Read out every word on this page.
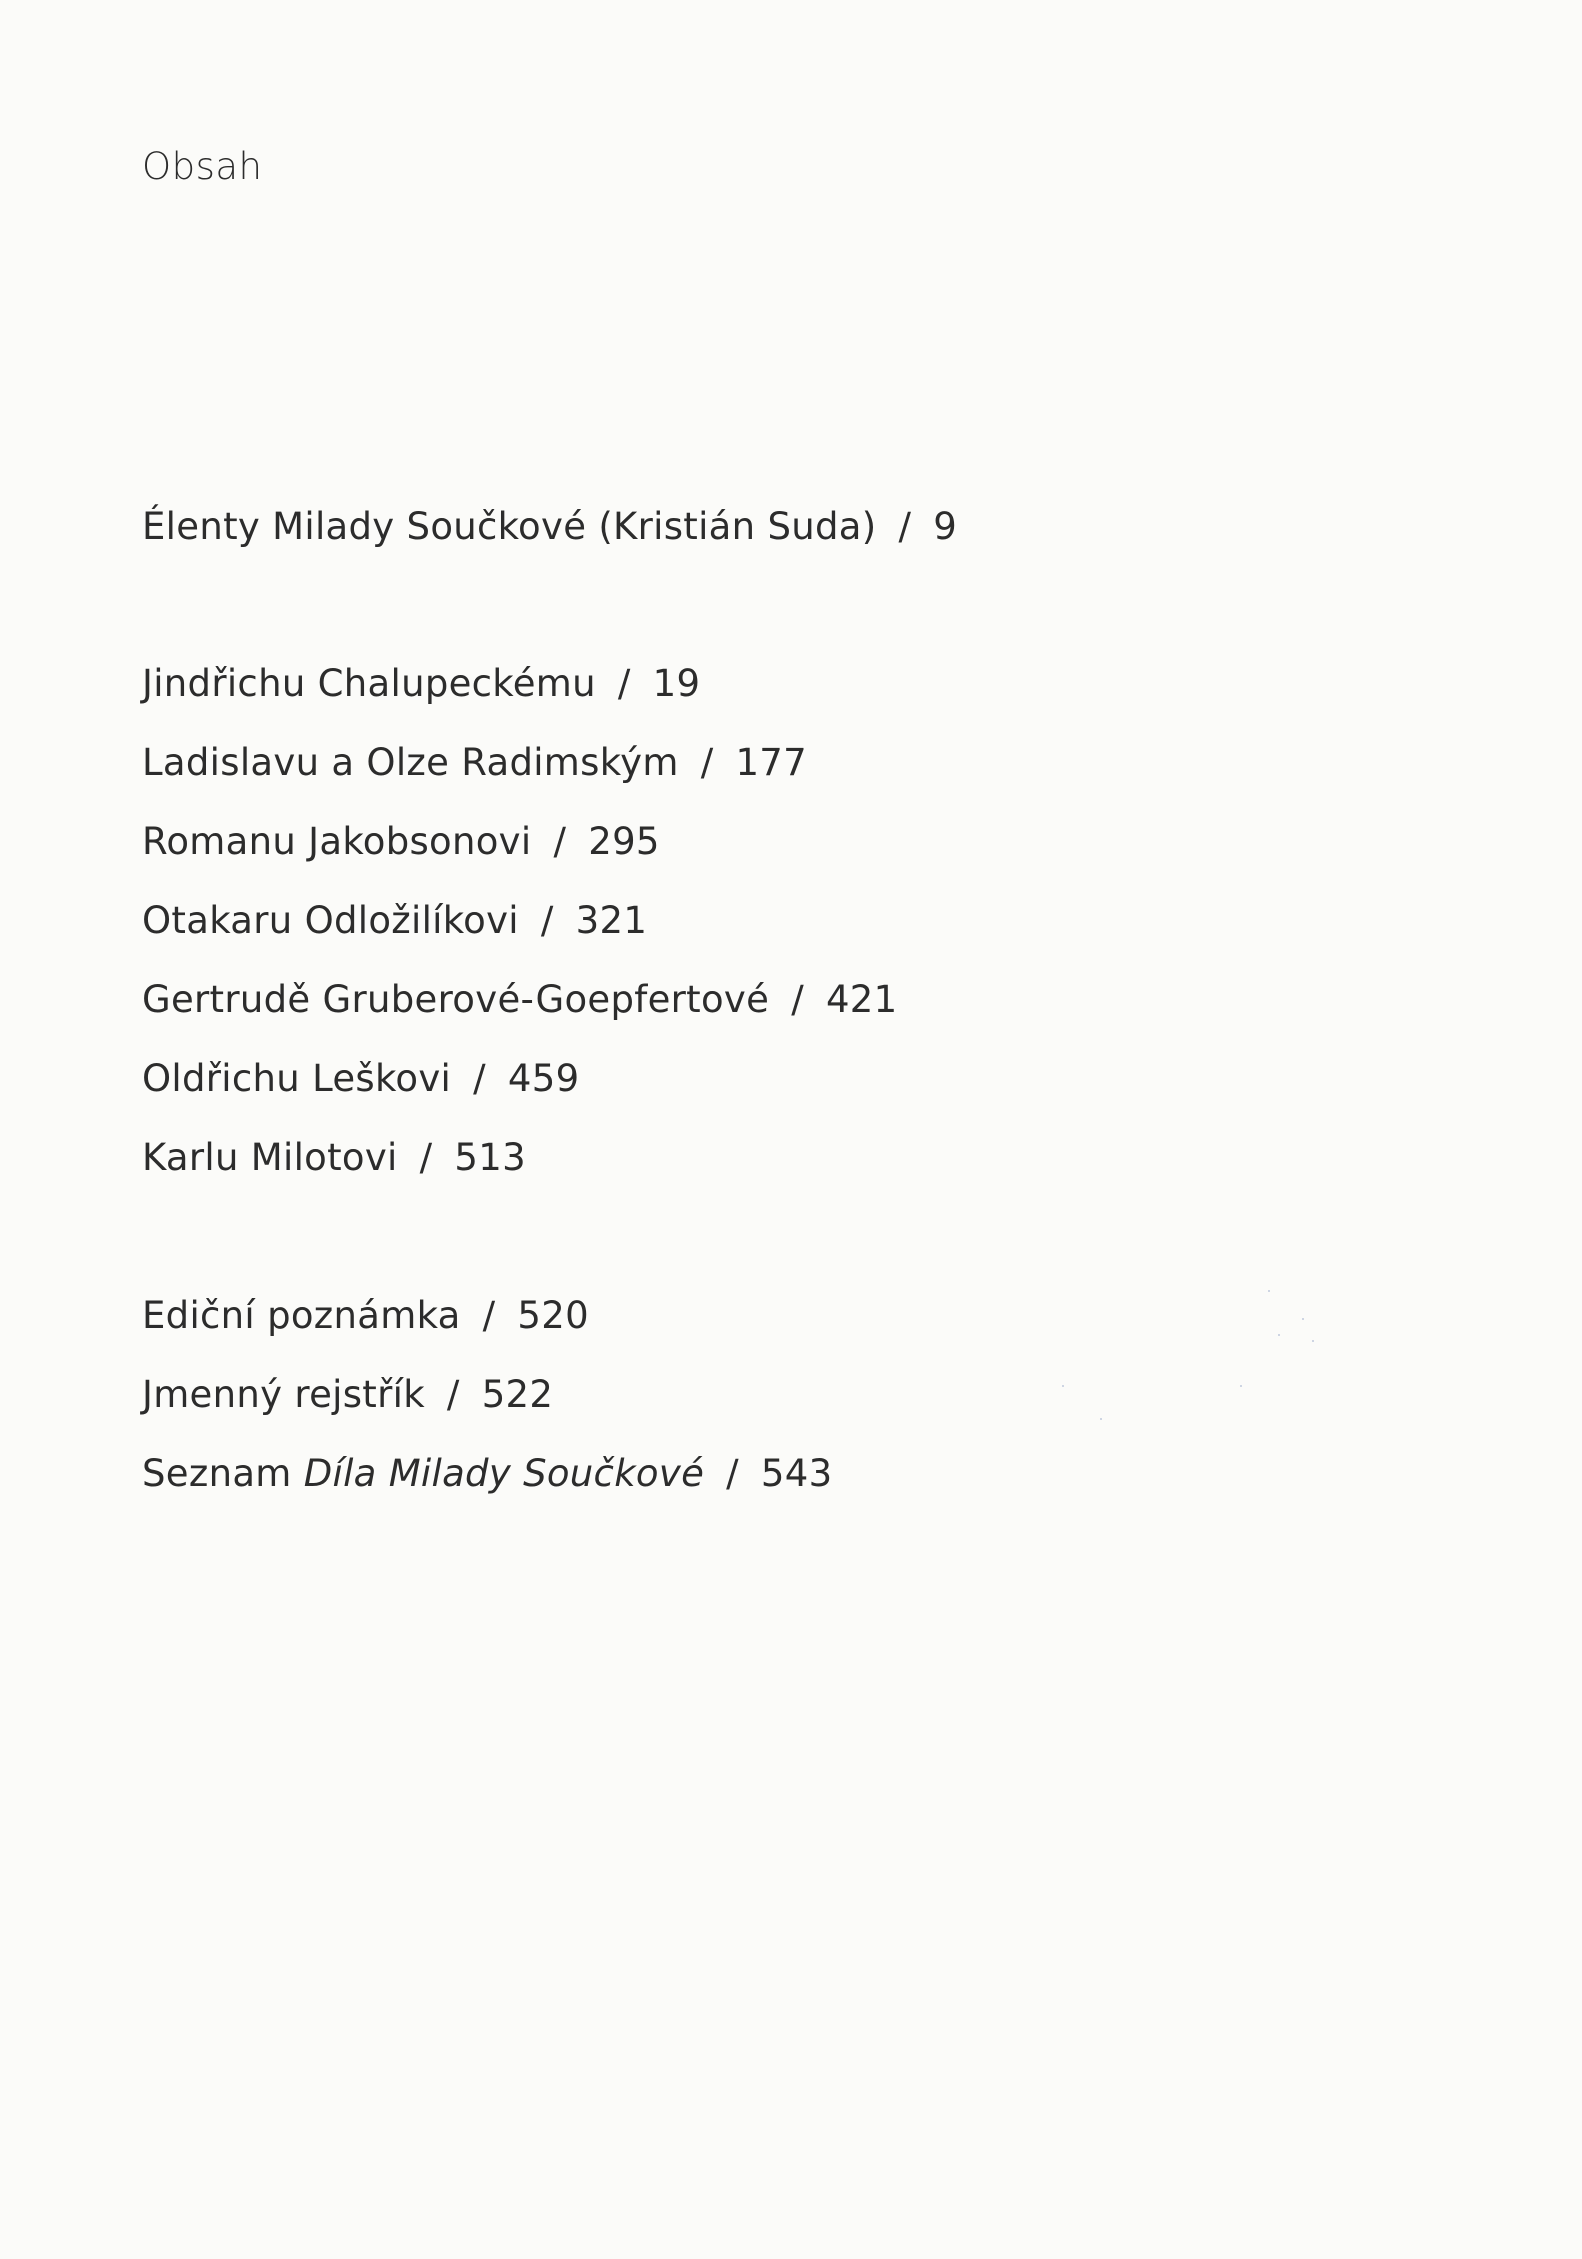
Obsah
Élenty Milady Součkové (Kristián Suda) / 9
Jindřichu Chalupeckému / 19
Ladislavu a Olze Radimským / 177
Romanu Jakobsonovi / 295
Otakaru Odložilíkovi / 321
Gertrudě Gruberové-Goepfertové / 421
Oldřichu Leškovi / 459
Karlu Milotovi / 513
Ediční poznámka / 520
Jmenný rejstřík / 522
Seznam Díla Milady Součkové / 543
